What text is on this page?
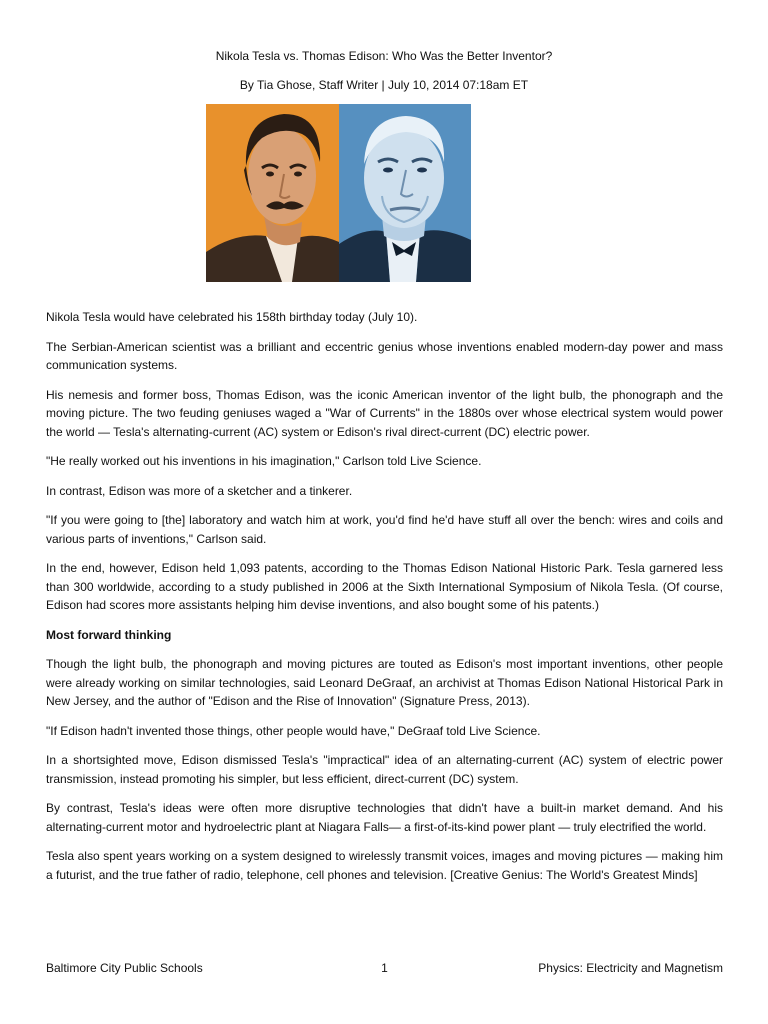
Nikola Tesla vs. Thomas Edison: Who Was the Better Inventor?
By Tia Ghose, Staff Writer | July 10, 2014 07:18am ET

Nikola Tesla would have celebrated his 158th birthday today (July 10).

The Serbian-American scientist was a brilliant and eccentric genius whose inventions enabled modern-day power and mass communication systems.

His nemesis and former boss, Thomas Edison, was the iconic American inventor of the light bulb, the phonograph and the moving picture. The two feuding geniuses waged a "War of Currents" in the 1880s over whose electrical system would power the world — Tesla's alternating-current (AC) system or Edison's rival direct-current (DC) electric power.

"He really worked out his inventions in his imagination," Carlson told Live Science.

In contrast, Edison was more of a sketcher and a tinkerer.

"If you were going to [the] laboratory and watch him at work, you'd find he'd have stuff all over the bench: wires and coils and various parts of inventions," Carlson said.

In the end, however, Edison held 1,093 patents, according to the Thomas Edison National Historic Park. Tesla garnered less than 300 worldwide, according to a study published in 2006 at the Sixth International Symposium of Nikola Tesla. (Of course, Edison had scores more assistants helping him devise inventions, and also bought some of his patents.)

Most forward thinking

Though the light bulb, the phonograph and moving pictures are touted as Edison's most important inventions, other people were already working on similar technologies, said Leonard DeGraaf, an archivist at Thomas Edison National Historical Park in New Jersey, and the author of "Edison and the Rise of Innovation" (Signature Press, 2013).

"If Edison hadn't invented those things, other people would have," DeGraaf told Live Science.

In a shortsighted move, Edison dismissed Tesla's "impractical" idea of an alternating-current (AC) system of electric power transmission, instead promoting his simpler, but less efficient, direct-current (DC) system.

By contrast, Tesla's ideas were often more disruptive technologies that didn't have a built-in market demand. And his alternating-current motor and hydroelectric plant at Niagara Falls— a first-of-its-kind power plant — truly electrified the world.

Tesla also spent years working on a system designed to wirelessly transmit voices, images and moving pictures — making him a futurist, and the true father of radio, telephone, cell phones and television. [Creative Genius: The World's Greatest Minds]

Baltimore City Public Schools	1	Physics: Electricity and Magnetism
